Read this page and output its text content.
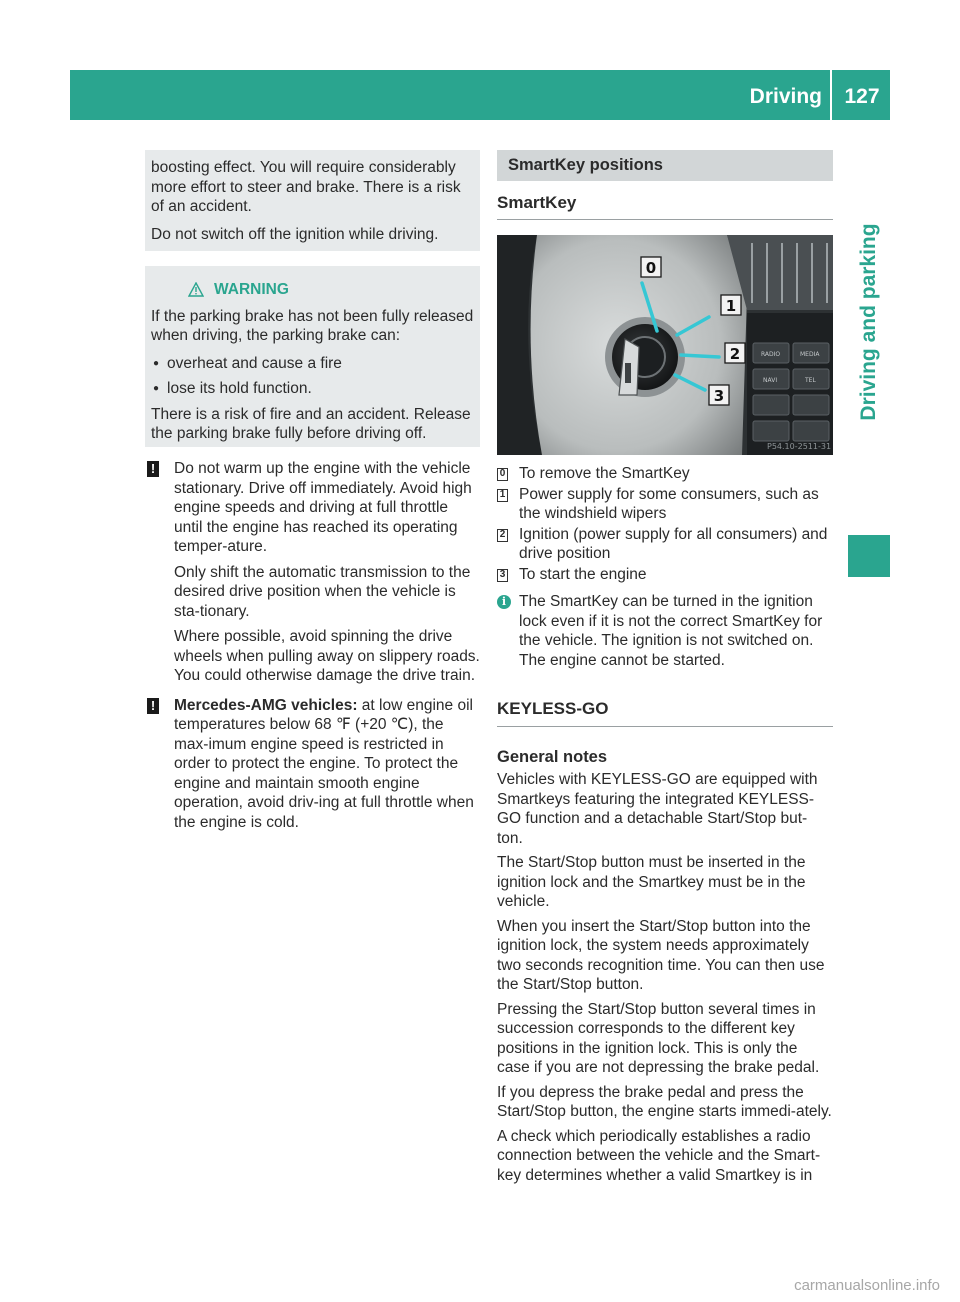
Driving	127
Driving and parking

boosting effect. You will require considerably more effort to steer and brake. There is a risk of an accident.

Do not switch off the ignition while driving.

WARNING

If the parking brake has not been fully released when driving, the parking brake can:

● overheat and cause a fire
● lose its hold function.

There is a risk of fire and an accident. Release the parking brake fully before driving off.

! Do not warm up the engine with the vehicle stationary. Drive off immediately. Avoid high engine speeds and driving at full throttle until the engine has reached its operating temper-ature.

Only shift the automatic transmission to the desired drive position when the vehicle is sta-tionary.

Where possible, avoid spinning the drive wheels when pulling away on slippery roads. You could otherwise damage the drive train.

! Mercedes-AMG vehicles: at low engine oil temperatures below 68 ℉ (+20 ℃), the max-imum engine speed is restricted in order to protect the engine. To protect the engine and maintain smooth engine operation, avoid driv-ing at full throttle when the engine is cold.

SmartKey positions
SmartKey
RADIO	MEDIA
NAVI	TEL
0
1
2
3
P54.10-2511-31
0 To remove the SmartKey
1 Power supply for some consumers, such as the windshield wipers
2 Ignition (power supply for all consumers) and drive position
3 To start the engine
i The SmartKey can be turned in the ignition lock even if it is not the correct SmartKey for the vehicle. The ignition is not switched on. The engine cannot be started.
KEYLESS-GO
General notes

Vehicles with KEYLESS-GO are equipped with Smartkeys featuring the integrated KEYLESS-GO function and a detachable Start/Stop but-ton.

The Start/Stop button must be inserted in the ignition lock and the Smartkey must be in the vehicle.

When you insert the Start/Stop button into the ignition lock, the system needs approximately two seconds recognition time. You can then use the Start/Stop button.

Pressing the Start/Stop button several times in succession corresponds to the different key positions in the ignition lock. This is only the case if you are not depressing the brake pedal.

If you depress the brake pedal and press the Start/Stop button, the engine starts immedi-ately.

A check which periodically establishes a radio connection between the vehicle and the Smart-key determines whether a valid Smartkey is in

carmanualsonline.info
